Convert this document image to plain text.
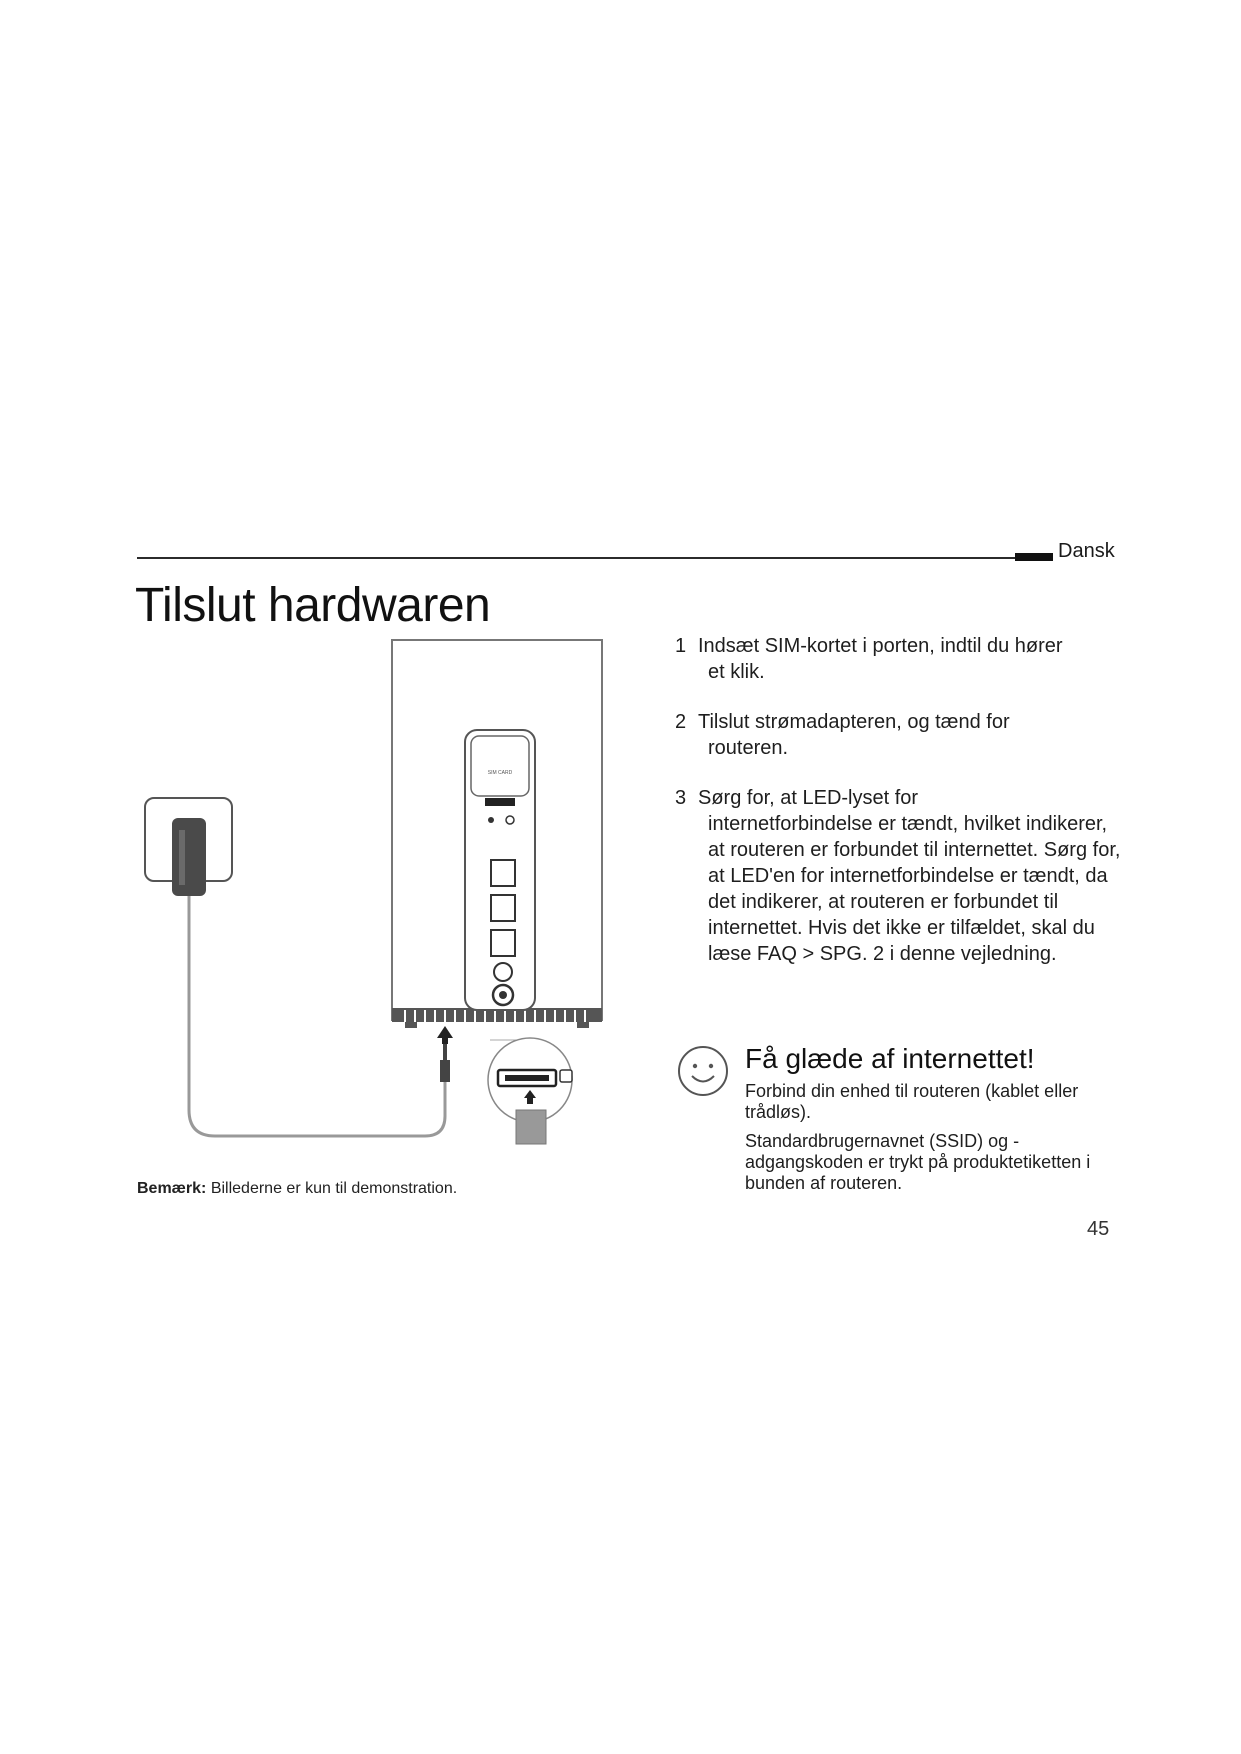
Dansk
Tilslut hardwaren
SIM CARD
Bemærk: Billederne er kun til demonstration.
1 Indsæt SIM-kortet i porten, indtil du hører
et klik.
2 Tilslut strømadapteren, og tænd for
routeren.
3 Sørg for, at LED-lyset for
internetforbindelse er tændt, hvilket indikerer, at routeren er forbundet til internettet. Sørg for, at LED'en for internetforbindelse er tændt, da det indikerer, at routeren er forbundet til internettet. Hvis det ikke er tilfældet, skal du læse FAQ > SPG. 2 i denne vejledning.
Få glæde af internettet!
Forbind din enhed til routeren (kablet eller trådløs).
Standardbrugernavnet (SSID) og -adgangskoden er trykt på produktetiketten i bunden af routeren.
45
